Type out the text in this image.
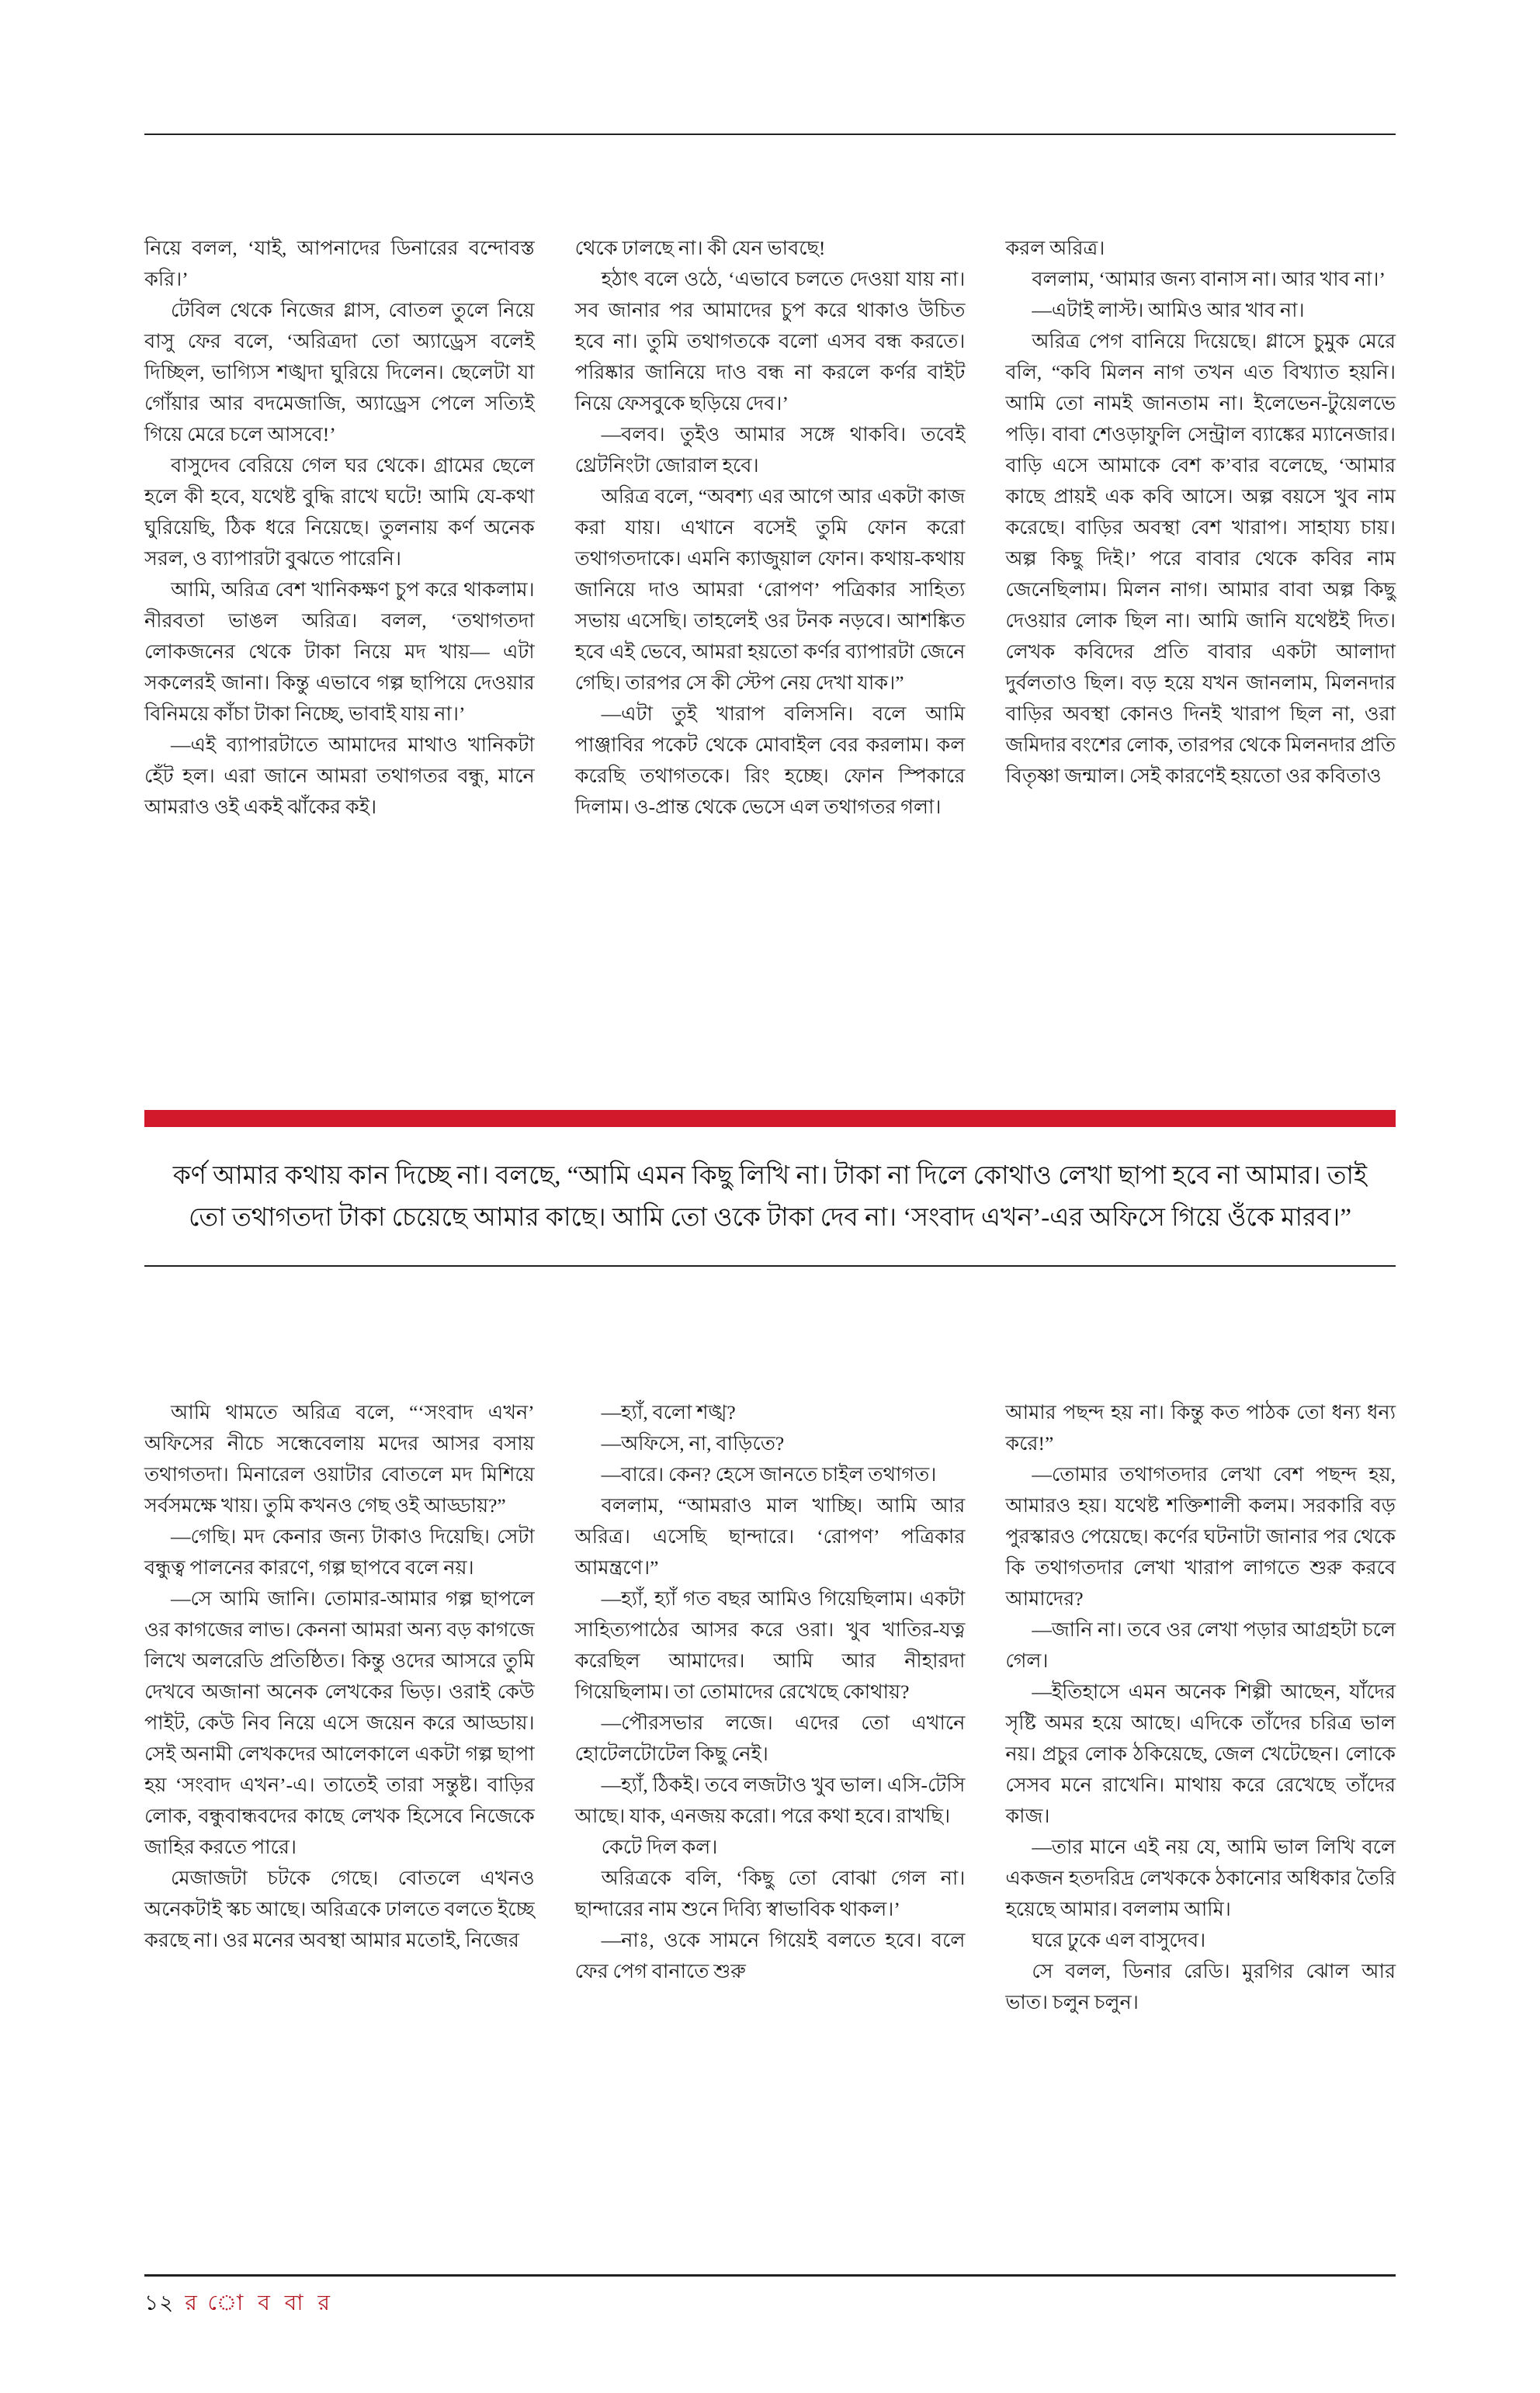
নিয়ে বলল, ‘যাই, আপনাদের ডিনারের বন্দোবস্ত করি।’

টেবিল থেকে নিজের গ্লাস, বোতল তুলে নিয়ে বাসু ফের বলে, ‘অরিত্রদা তো অ্যাড্রেস বলেই দিচ্ছিল, ভাগ্যিস শঙ্খদা ঘুরিয়ে দিলেন। ছেলেটা যা গোঁয়ার আর বদমেজাজি, অ্যাড্রেস পেলে সত্যিই গিয়ে মেরে চলে আসবে!’

বাসুদেব বেরিয়ে গেল ঘর থেকে। গ্রামের ছেলে হলে কী হবে, যথেষ্ট বুদ্ধি রাখে ঘটে! আমি যে-কথা ঘুরিয়েছি, ঠিক ধরে নিয়েছে। তুলনায় কর্ণ অনেক সরল, ও ব্যাপারটা বুঝতে পারেনি।

আমি, অরিত্র বেশ খানিকক্ষণ চুপ করে থাকলাম। নীরবতা ভাঙল অরিত্র। বলল, ‘তথাগতদা লোকজনের থেকে টাকা নিয়ে মদ খায়— এটা সকলেরই জানা। কিন্তু এভাবে গল্প ছাপিয়ে দেওয়ার বিনিময়ে কাঁচা টাকা নিচ্ছে, ভাবাই যায় না।’

—এই ব্যাপারটাতে আমাদের মাথাও খানিকটা হেঁট হল। এরা জানে আমরা তথাগতর বন্ধু, মানে আমরাও ওই একই ঝাঁকের কই।

থেকে ঢালছে না। কী যেন ভাবছে!

হঠাৎ বলে ওঠে, ‘এভাবে চলতে দেওয়া যায় না। সব জানার পর আমাদের চুপ করে থাকাও উচিত হবে না। তুমি তথাগতকে বলো এসব বন্ধ করতে। পরিষ্কার জানিয়ে দাও বন্ধ না করলে কর্ণর বাইট নিয়ে ফেসবুকে ছড়িয়ে দেব।’

—বলব। তুইও আমার সঙ্গে থাকবি। তবেই থ্রেটনিংটা জোরাল হবে।

অরিত্র বলে, “অবশ্য এর আগে আর একটা কাজ করা যায়। এখানে বসেই তুমি ফোন করো তথাগতদাকে। এমনি ক্যাজুয়াল ফোন। কথায়-কথায় জানিয়ে দাও আমরা ‘রোপণ’ পত্রিকার সাহিত্য সভায় এসেছি। তাহলেই ওর টনক নড়বে। আশঙ্কিত হবে এই ভেবে, আমরা হয়তো কর্ণর ব্যাপারটা জেনে গেছি। তারপর সে কী স্টেপ নেয় দেখা যাক।”

—এটা তুই খারাপ বলিসনি। বলে আমি পাঞ্জাবির পকেট থেকে মোবাইল বের করলাম। কল করেছি তথাগতকে। রিং হচ্ছে। ফোন স্পিকারে দিলাম। ও-প্রান্ত থেকে ভেসে এল তথাগতর গলা।

করল অরিত্র।

বললাম, ‘আমার জন্য বানাস না। আর খাব না।’

—এটাই লাস্ট। আমিও আর খাব না।

অরিত্র পেগ বানিয়ে দিয়েছে। গ্লাসে চুমুক মেরে বলি, “কবি মিলন নাগ তখন এত বিখ্যাত হয়নি। আমি তো নামই জানতাম না। ইলেভেন-টুয়েলভে পড়ি। বাবা শেওড়াফুলি সেন্ট্রাল ব্যাঙ্কের ম্যানেজার। বাড়ি এসে আমাকে বেশ ক’বার বলেছে, ‘আমার কাছে প্রায়ই এক কবি আসে। অল্প বয়সে খুব নাম করেছে। বাড়ির অবস্থা বেশ খারাপ। সাহায্য চায়। অল্প কিছু দিই।’ পরে বাবার থেকে কবির নাম জেনেছিলাম। মিলন নাগ। আমার বাবা অল্প কিছু দেওয়ার লোক ছিল না। আমি জানি যথেষ্টই দিত। লেখক কবিদের প্রতি বাবার একটা আলাদা দুর্বলতাও ছিল। বড় হয়ে যখন জানলাম, মিলনদার বাড়ির অবস্থা কোনও দিনই খারাপ ছিল না, ওরা জমিদার বংশের লোক, তারপর থেকে মিলনদার প্রতি বিতৃষ্ণা জন্মাল। সেই কারণেই হয়তো ওর কবিতাও

কর্ণ আমার কথায় কান দিচ্ছে না। বলছে, “আমি এমন কিছু লিখি না। টাকা না দিলে কোথাও লেখা ছাপা হবে না আমার। তাই তো তথাগতদা টাকা চেয়েছে আমার কাছে। আমি তো ওকে টাকা দেব না। ‘সংবাদ এখন’-এর অফিসে গিয়ে ওঁকে মারব।”

আমি থামতে অরিত্র বলে, “‘সংবাদ এখন’ অফিসের নীচে সন্ধেবেলায় মদের আসর বসায় তথাগতদা। মিনারেল ওয়াটার বোতলে মদ মিশিয়ে সর্বসমক্ষে খায়। তুমি কখনও গেছ ওই আড্ডায়?”

—গেছি। মদ কেনার জন্য টাকাও দিয়েছি। সেটা বন্ধুত্ব পালনের কারণে, গল্প ছাপবে বলে নয়।

—সে আমি জানি। তোমার-আমার গল্প ছাপলে ওর কাগজের লাভ। কেননা আমরা অন্য বড় কাগজে লিখে অলরেডি প্রতিষ্ঠিত। কিন্তু ওদের আসরে তুমি দেখবে অজানা অনেক লেখকের ভিড়। ওরাই কেউ পাইট, কেউ নিব নিয়ে এসে জয়েন করে আড্ডায়। সেই অনামী লেখকদের আলেকালে একটা গল্প ছাপা হয় ‘সংবাদ এখন’-এ। তাতেই তারা সন্তুষ্ট। বাড়ির লোক, বন্ধুবান্ধবদের কাছে লেখক হিসেবে নিজেকে জাহির করতে পারে।

মেজাজটা চটকে গেছে। বোতলে এখনও অনেকটাই স্কচ আছে। অরিত্রকে ঢালতে বলতে ইচ্ছে করছে না। ওর মনের অবস্থা আমার মতোই, নিজের

—হ্যাঁ, বলো শঙ্খ?

—অফিসে, না, বাড়িতে?

—বারে। কেন? হেসে জানতে চাইল তথাগত।

বললাম, “আমরাও মাল খাচ্ছি। আমি আর অরিত্র। এসেছি ছান্দারে। ‘রোপণ’ পত্রিকার আমন্ত্রণে।”

—হ্যাঁ, হ্যাঁ গত বছর আমিও গিয়েছিলাম। একটা সাহিত্যপাঠের আসর করে ওরা। খুব খাতির-যত্ন করেছিল আমাদের। আমি আর নীহারদা গিয়েছিলাম। তা তোমাদের রেখেছে কোথায়?

—পৌরসভার লজে। এদের তো এখানে হোটেলটোটেল কিছু নেই।

—হ্যাঁ, ঠিকই। তবে লজটাও খুব ভাল। এসি-টেসি আছে। যাক, এনজয় করো। পরে কথা হবে। রাখছি।

কেটে দিল কল।

অরিত্রকে বলি, ‘কিছু তো বোঝা গেল না। ছান্দারের নাম শুনে দিব্যি স্বাভাবিক থাকল।’

—নাঃ, ওকে সামনে গিয়েই বলতে হবে। বলে ফের পেগ বানাতে শুরু

আমার পছন্দ হয় না। কিন্তু কত পাঠক তো ধন্য ধন্য করে!”

—তোমার তথাগতদার লেখা বেশ পছন্দ হয়, আমারও হয়। যথেষ্ট শক্তিশালী কলম। সরকারি বড় পুরস্কারও পেয়েছে। কর্ণের ঘটনাটা জানার পর থেকে কি তথাগতদার লেখা খারাপ লাগতে শুরু করবে আমাদের?

—জানি না। তবে ওর লেখা পড়ার আগ্রহটা চলে গেল।

—ইতিহাসে এমন অনেক শিল্পী আছেন, যাঁদের সৃষ্টি অমর হয়ে আছে। এদিকে তাঁদের চরিত্র ভাল নয়। প্রচুর লোক ঠকিয়েছে, জেল খেটেছেন। লোকে সেসব মনে রাখেনি। মাথায় করে রেখেছে তাঁদের কাজ।

—তার মানে এই নয় যে, আমি ভাল লিখি বলে একজন হতদরিদ্র লেখককে ঠকানোর অধিকার তৈরি হয়েছে আমার। বললাম আমি।

ঘরে ঢুকে এল বাসুদেব।

সে বলল, ডিনার রেডি। মুরগির ঝোল আর ভাত। চলুন চলুন।

১২ র ো ব বা র
